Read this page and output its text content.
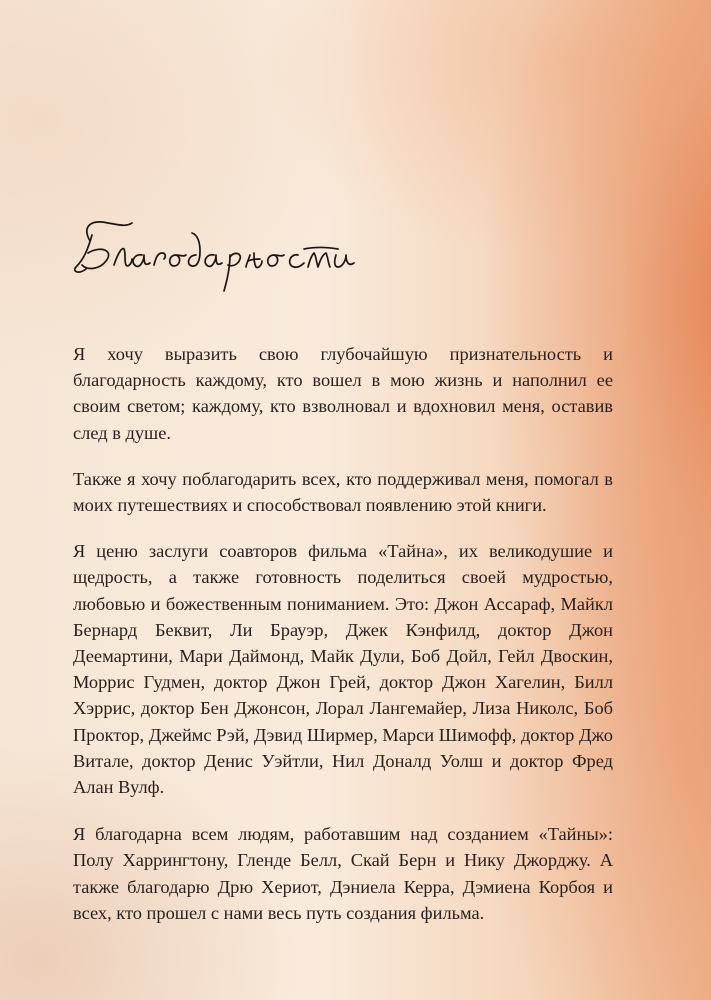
Я хочу выразить свою глубочайшую признательность и благодарность каждому, кто вошел в мою жизнь и наполнил ее своим светом; каждому, кто взволновал и вдохновил меня, оставив след в душе.

Также я хочу поблагодарить всех, кто поддерживал меня, помогал в моих путешествиях и способствовал появлению этой книги.

Я ценю заслуги соавторов фильма «Тайна», их великодушие и щедрость, а также готовность поделиться своей мудростью, любовью и божественным пониманием. Это: Джон Ассараф, Майкл Бернард Беквит, Ли Брауэр, Джек Кэнфилд, доктор Джон Деемартини, Мари Даймонд, Майк Дули, Боб Дойл, Гейл Двоскин, Моррис Гудмен, доктор Джон Грей, доктор Джон Хагелин, Билл Хэррис, доктор Бен Джонсон, Лорал Лангемайер, Лиза Николс, Боб Проктор, Джеймс Рэй, Дэвид Ширмер, Марси Шимофф, доктор Джо Витале, доктор Денис Уэйтли, Нил Доналд Уолш и доктор Фред Алан Вулф.

Я благодарна всем людям, работавшим над созданием «Тайны»: Полу Харрингтону, Гленде Белл, Скай Берн и Нику Джорджу. А также благодарю Дрю Хериот, Дэниела Керра, Дэмиена Корбоя и всех, кто прошел с нами весь путь создания фильма.
